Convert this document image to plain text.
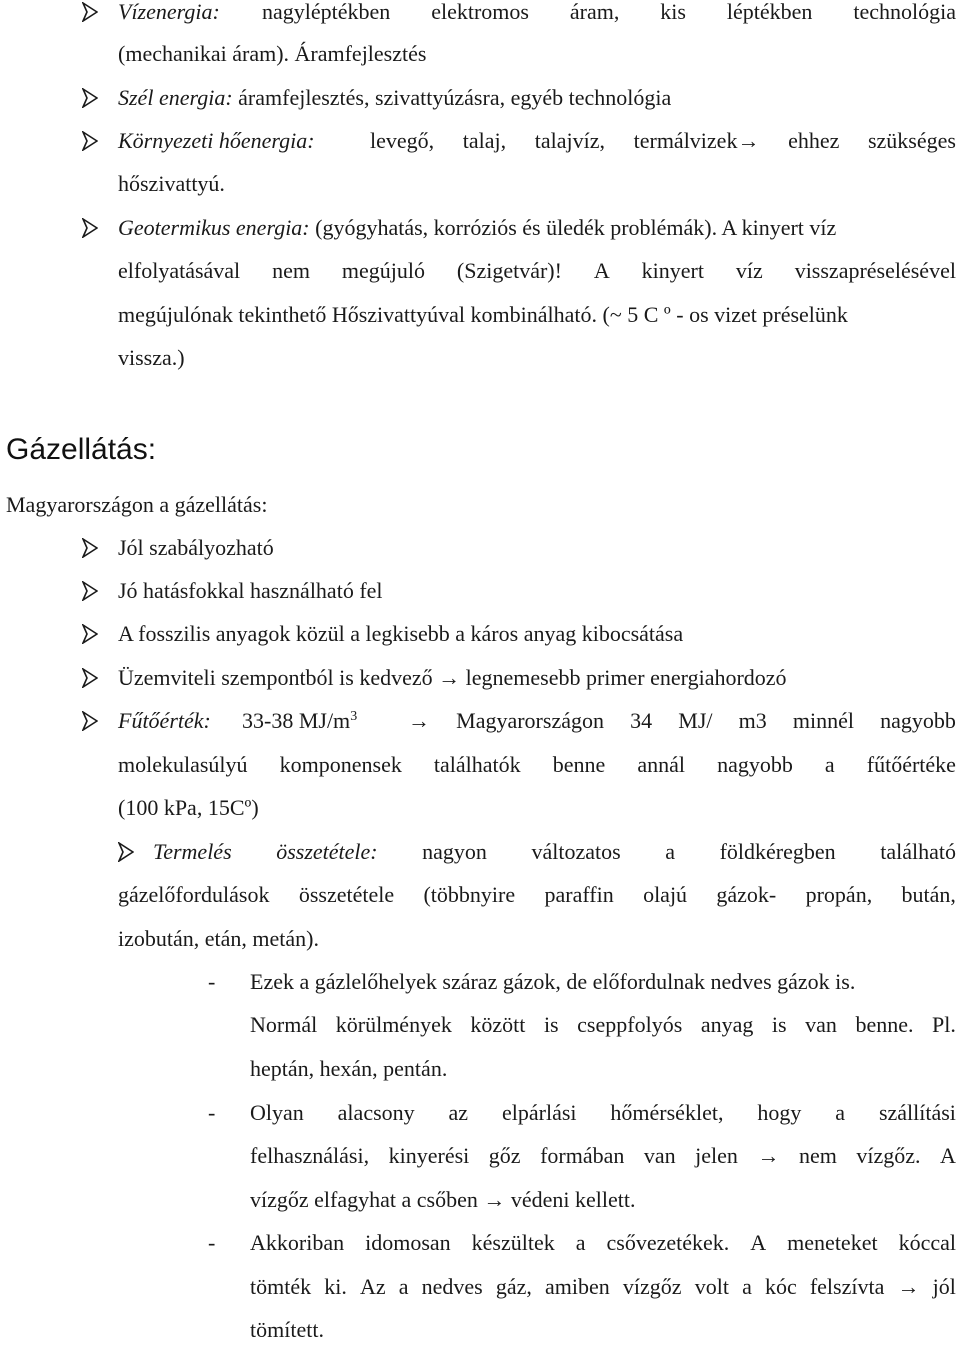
Vízenergia: nagyléptékben elektromos áram, kis léptékben technológia
(mechanikai áram). Áramfejlesztés
Szél energia: áramfejlesztés, szivattyúzásra, egyéb technológia
Környezeti hőenergia:	levegő, talaj, talajvíz, termálvizek→ ehhez szükséges
hőszivattyú.
Geotermikus energia: (gyógyhatás, korróziós és üledék problémák). A kinyert víz
elfolyatásával nem megújuló (Szigetvár)! A kinyert víz visszapréselésével
megújulónak tekinthető Hőszivattyúval kombinálható. (~ 5 C º - os vizet préselünk
vissza.)
Gázellátás:
Magyarországon a gázellátás:
Jól szabályozható
Jó hatásfokkal használható fel
A fosszilis anyagok közül a legkisebb a káros anyag kibocsátása
Üzemviteli szempontból is kedvező → legnemesebb primer energiahordozó
Fűtőérték: 33-38 $MJ/m^3$ → Magyarországon 34 MJ/ m3 minnél nagyobb
molekulasúlyú komponensek találhatók benne annál nagyobb a fűtőértéke
(100 kPa, 15Cº)
Termelés összetétele: nagyon változatos a földkéregben található
gázelőfordulások összetétele (többnyire paraffin olajú gázok- propán, bután,
izobután, etán, metán).
- Ezek a gázlelőhelyek száraz gázok, de előfordulnak nedves gázok is.
Normál körülmények között is cseppfolyós anyag is van benne. Pl.
heptán, hexán, pentán.
- Olyan alacsony az elpárlási hőmérséklet, hogy a szállítási
felhasználási, kinyerési gőz formában van jelen → nem vízgőz. A
vízgőz elfagyhat a csőben → védeni kellett.
- Akkoriban idomosan készültek a csővezetékek. A meneteket kóccal
tömték ki. Az a nedves gáz, amiben vízgőz volt a kóc felszívta → jól
tömített.
